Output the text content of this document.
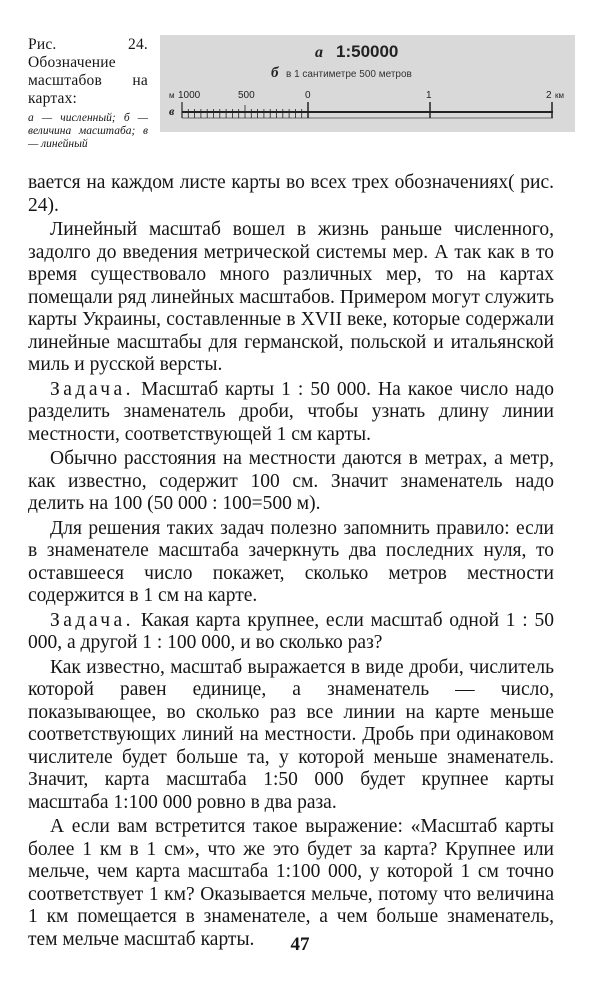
Рис. 24. Обозначение масштабов на картах:
а — численный; б — величина масштаба; в — линейный
а 1:50000
б в 1 сантиметре 500 метров
м 1000	500	0	1	2 км
в

вается на каждом листе карты во всех трех обозначениях( рис. 24).

Линейный масштаб вошел в жизнь раньше численного, задолго до введения метрической системы мер. А так как в то время существовало много различных мер, то на картах помещали ряд линейных масштабов. Примером могут служить карты Украины, составленные в XVII веке, которые содержали линейные масштабы для германской, польской и итальянской миль и русской версты.

Задача. Масштаб карты 1 : 50 000. На какое число надо разделить знаменатель дроби, чтобы узнать длину линии местности, соответствующей 1 см карты.

Обычно расстояния на местности даются в метрах, а метр, как известно, содержит 100 см. Значит знаменатель надо делить на 100 (50 000 : 100=500 м).

Для решения таких задач полезно запомнить правило: если в знаменателе масштаба зачеркнуть два последних нуля, то оставшееся число покажет, сколько метров местности содержится в 1 см на карте.

Задача. Какая карта крупнее, если масштаб одной 1 : 50 000, а другой 1 : 100 000, и во сколько раз?

Как известно, масштаб выражается в виде дроби, числитель которой равен единице, а знаменатель — число, показывающее, во сколько раз все линии на карте меньше соответствующих линий на местности. Дробь при одинаковом числителе будет больше та, у которой меньше знаменатель. Значит, карта масштаба 1:50 000 будет крупнее карты масштаба 1:100 000 ровно в два раза.

А если вам встретится такое выражение: «Масштаб карты более 1 км в 1 см», что же это будет за карта? Крупнее или мельче, чем карта масштаба 1:100 000, у которой 1 см точно соответствует 1 км? Оказывается мельче, потому что величина 1 км помещается в знаменателе, а чем больше знаменатель, тем мельче масштаб карты.	47
